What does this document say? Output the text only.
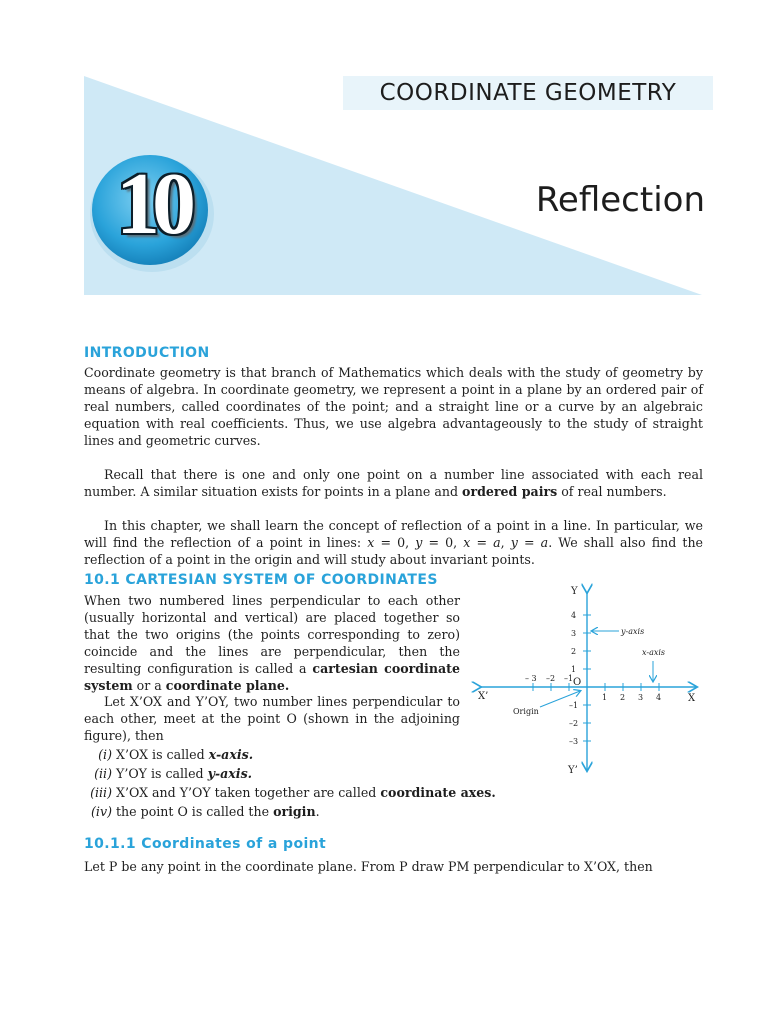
COORDINATE GEOMETRY
10	Reflection
INTRODUCTION

Coordinate geometry is that branch of Mathematics which deals with the study of geometry by means of algebra. In coordinate geometry, we represent a point in a plane by an ordered pair of real numbers, called coordinates of the point; and a straight line or a curve by an algebraic equation with real coefficients. Thus, we use algebra advantageously to the study of straight lines and geometric curves.

Recall that there is one and only one point on a number line associated with each real number. A similar situation exists for points in a plane and ordered pairs of real numbers.

In this chapter, we shall learn the concept of reflection of a point in a line. In particular, we will find the reflection of a point in lines: x = 0, y = 0, x = a, y = a. We shall also find the reflection of a point in the origin and will study about invariant points.

10.1 CARTESIAN SYSTEM OF COORDINATES

When two numbered lines perpendicular to each other (usually horizontal and vertical) are placed together so that the two origins (the points corresponding to zero) coincide and the lines are perpendicular, then the resulting configuration is called a cartesian coordinate system or a coordinate plane.

Let X’OX and Y’OY, two number lines perpendicular to each other, meet at the point O (shown in the adjoining figure), then

(i) X’OX is called x-axis.
(ii) Y’OY is called y-axis.
(iii) X’OX and Y’OY taken together are called coordinate axes.
(iv) the point O is called the origin.
1 2 3 4
– 3 –2 –1
4
3
2
1
–1
–2
–3
Y
Y’
X
X’
O
Origin
y-axis
x-axis
10.1.1 Coordinates of a point

Let P be any point in the coordinate plane. From P draw PM perpendicular to X’OX, then
